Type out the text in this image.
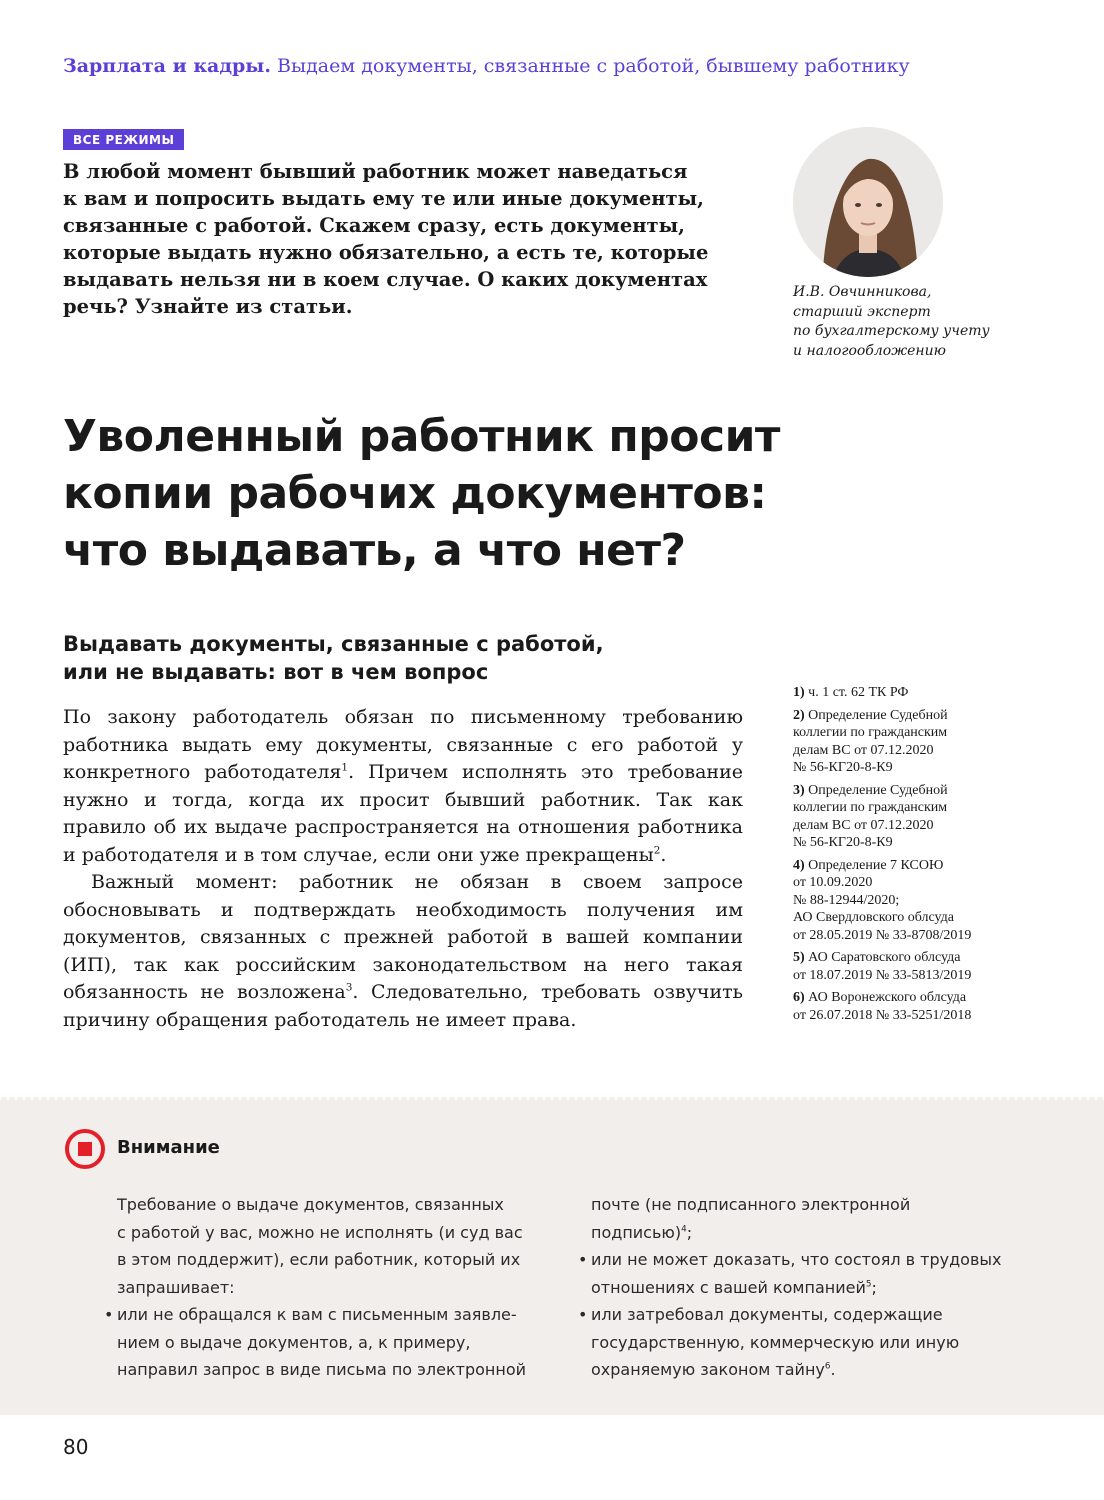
Зарплата и кадры. Выдаем документы, связанные с работой, бывшему работнику
ВСЕ РЕЖИМЫ
В любой момент бывший работник может наведаться
к вам и попросить выдать ему те или иные документы,
связанные с работой. Скажем сразу, есть документы,
которые выдать нужно обязательно, а есть те, которые
выдавать нельзя ни в коем случае. О каких документах
речь? Узнайте из статьи.
И.В. Овчинникова,
старший эксперт
по бухгалтерскому учету
и налогообложению
Уволенный работник просит
копии рабочих документов:
что выдавать, а что нет?
Выдавать документы, связанные с работой,
или не выдавать: вот в чем вопрос

По закону работодатель обязан по письменному требованию работника выдать ему документы, связанные с его работой у конкретного работодателя$^1$. Причем исполнять это требование нужно и тогда, когда их просит бывший работник. Так как правило об их выдаче распространяется на отношения работника и работодателя и в том случае, если они уже прекращены$^2$.

Важный момент: работник не обязан в своем запросе обосновывать и подтверждать необходимость получения им документов, связанных с прежней работой в вашей компании (ИП), так как российским законодательством на него такая обязанность не возложена$^3$. Следовательно, требовать озвучить причину обращения работодатель не имеет права.

1) ч. 1 ст. 62 ТК РФ
2) Определение Судебной
коллегии по гражданским
делам ВС от 07.12.2020
№ 56-КГ20-8-К9
3) Определение Судебной
коллегии по гражданским
делам ВС от 07.12.2020
№ 56-КГ20-8-К9
4) Определение 7 КСОЮ
от 10.09.2020
№ 88-12944/2020;
АО Свердловского облсуда
от 28.05.2019 № 33-8708/2019
5) АО Саратовского облсуда
от 18.07.2019 № 33-5813/2019
6) АО Воронежского облсуда
от 26.07.2018 № 33-5251/2018
Внимание

Требование о выдаче документов, связанных
с работой у вас, можно не исполнять (и суд вас
в этом поддержит), если работник, который их
запрашивает:

• или не обращался к вам с письменным заявле-
нием о выдаче документов, а, к примеру,
направил запрос в виде письма по электронной

почте (не подписанного электронной
подписью)$^4$;

• или не может доказать, что состоял в трудовых
отношениях с вашей компанией$^5$;

• или затребовал документы, содержащие
государственную, коммерческую или иную
охраняемую законом тайну$^6$.

80
